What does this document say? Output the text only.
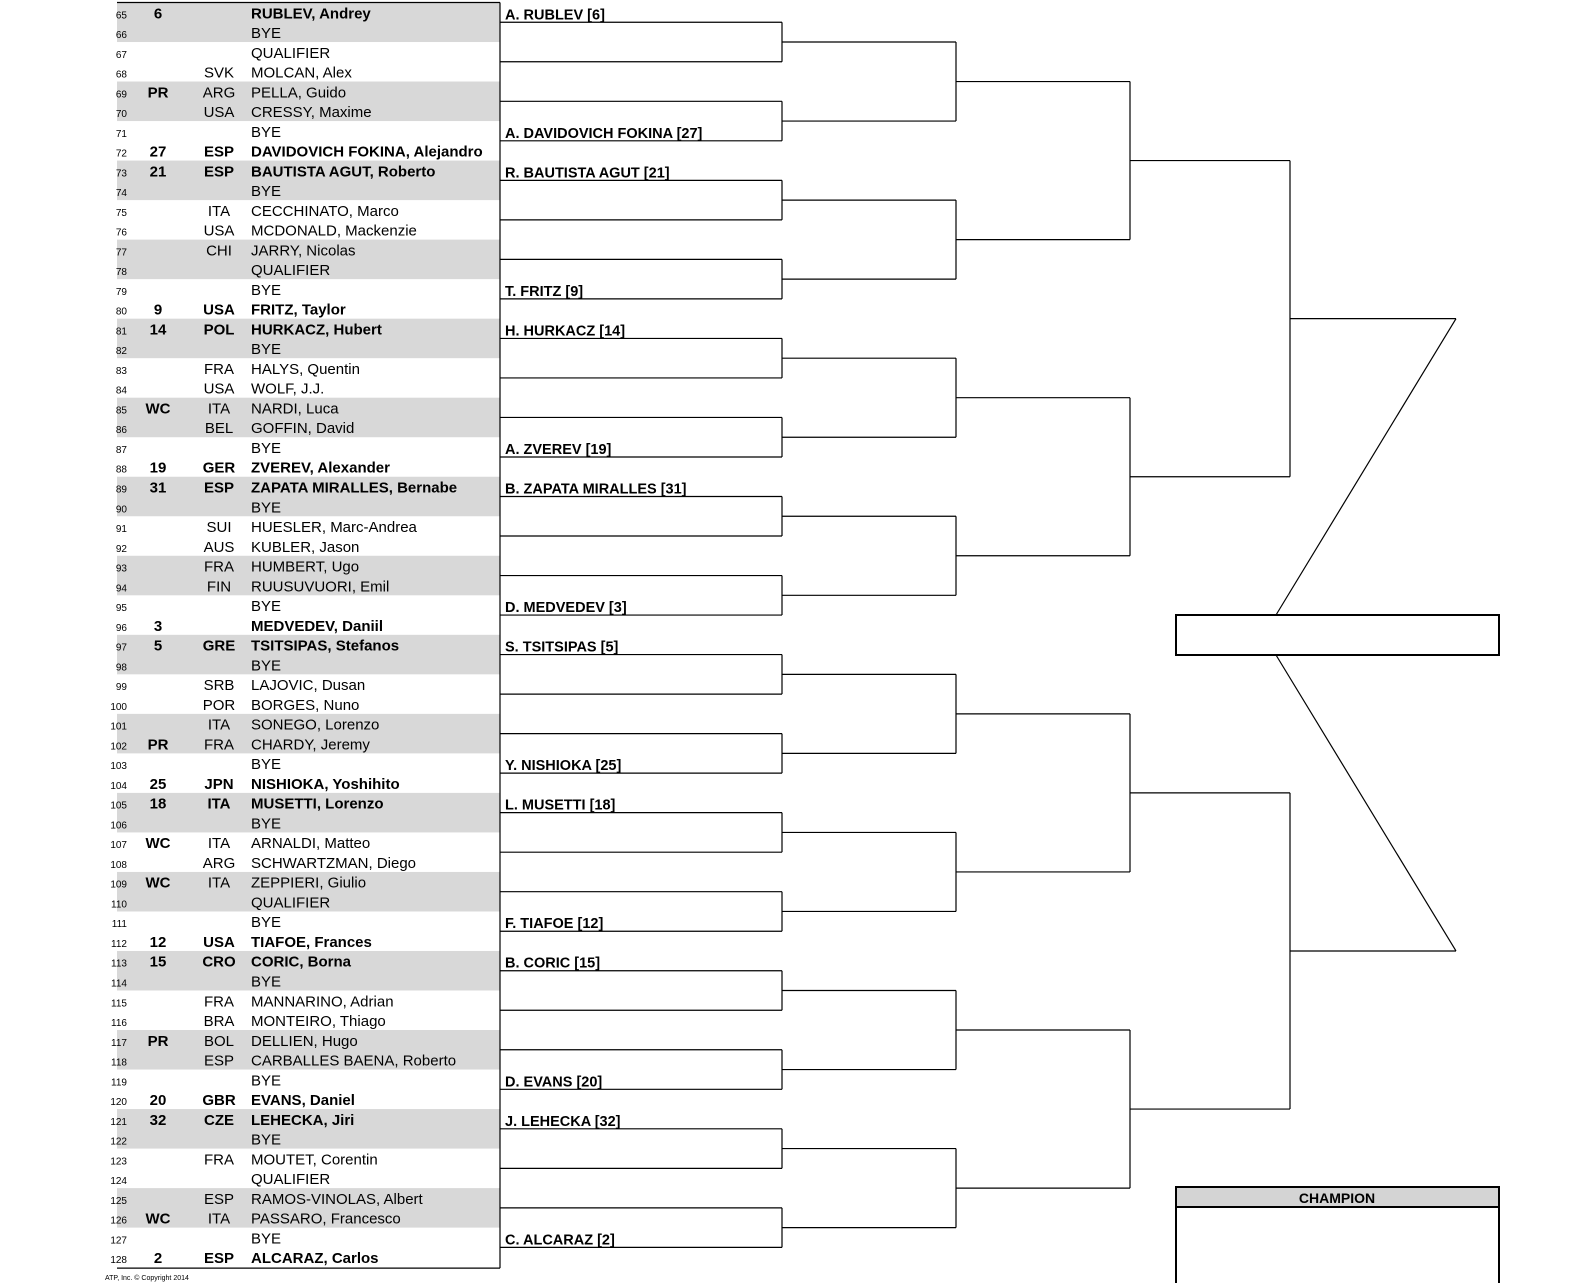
65 6	RUBLEV, Andrey
66	BYE
67	QUALIFIER
68	SVK MOLCAN, Alex
69 PR ARG PELLA, Guido
70	USA CRESSY, Maxime
71	BYE
72 27	ESP DAVIDOVICH FOKINA, Alejandro
73 21	ESP BAUTISTA AGUT, Roberto
74	BYE
75	ITA CECCHINATO, Marco
76	USA MCDONALD, Mackenzie
77	CHI JARRY, Nicolas
78	QUALIFIER
79	BYE
80 9	USA FRITZ, Taylor
81 14 POL HURKACZ, Hubert
82	BYE
83	FRA HALYS, Quentin
84	USA WOLF, J.J.
85 WC ITA NARDI, Luca
86	BEL GOFFIN, David
87	BYE
88 19 GER ZVEREV, Alexander
89 31	ESP ZAPATA MIRALLES, Bernabe
90	BYE
91	SUI HUESLER, Marc-Andrea
92	AUS KUBLER, Jason
93	FRA HUMBERT, Ugo
94	FIN RUUSUVUORI, Emil
95	BYE
96 3	MEDVEDEV, Daniil
97 5	GRE TSITSIPAS, Stefanos
98	BYE
99	SRB LAJOVIC, Dusan
100	POR BORGES, Nuno
101	ITA SONEGO, Lorenzo
102 PR FRA CHARDY, Jeremy
103	BYE
104 25	JPN NISHIOKA, Yoshihito
105 18	ITA MUSETTI, Lorenzo
106	BYE
107 WC ITA ARNALDI, Matteo
108	ARG SCHWARTZMAN, Diego
109 WC ITA ZEPPIERI, Giulio
110	QUALIFIER
111	BYE
112 12 USA TIAFOE, Frances
113 15 CRO CORIC, Borna
114	BYE
115	FRA MANNARINO, Adrian
116	BRA MONTEIRO, Thiago
117 PR BOL DELLIEN, Hugo
118	ESP CARBALLES BAENA, Roberto
119	BYE
120 20 GBR EVANS, Daniel
121 32	CZE LEHECKA, Jiri
122	BYE
123	FRA MOUTET, Corentin
124	QUALIFIER
125	ESP RAMOS-VINOLAS, Albert
126 WC ITA PASSARO, Francesco
127	BYE
128 2	ESP ALCARAZ, Carlos
A. RUBLEV [6]
A. DAVIDOVICH FOKINA [27]
R. BAUTISTA AGUT [21]
T. FRITZ [9]
H. HURKACZ [14]
A. ZVEREV [19]
B. ZAPATA MIRALLES [31]
D. MEDVEDEV [3]
S. TSITSIPAS [5]
Y. NISHIOKA [25]
L. MUSETTI [18]
F. TIAFOE [12]
B. CORIC [15]
D. EVANS [20]
J. LEHECKA [32]
C. ALCARAZ [2]
CHAMPION
ATP, Inc. © Copyright 2014
